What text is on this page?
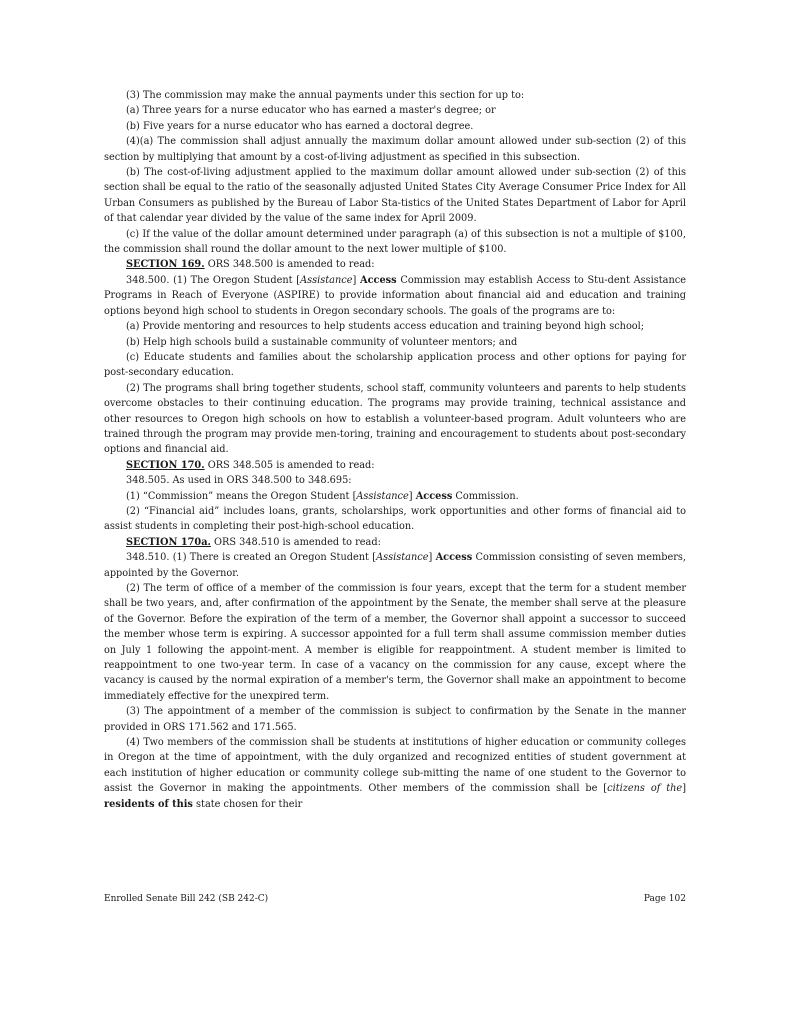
(3) The commission may make the annual payments under this section for up to:

(a) Three years for a nurse educator who has earned a master's degree; or

(b) Five years for a nurse educator who has earned a doctoral degree.

(4)(a) The commission shall adjust annually the maximum dollar amount allowed under sub-section (2) of this section by multiplying that amount by a cost-of-living adjustment as specified in this subsection.

(b) The cost-of-living adjustment applied to the maximum dollar amount allowed under sub-section (2) of this section shall be equal to the ratio of the seasonally adjusted United States City Average Consumer Price Index for All Urban Consumers as published by the Bureau of Labor Sta-tistics of the United States Department of Labor for April of that calendar year divided by the value of the same index for April 2009.

(c) If the value of the dollar amount determined under paragraph (a) of this subsection is not a multiple of $100, the commission shall round the dollar amount to the next lower multiple of $100.

SECTION 169. ORS 348.500 is amended to read:

348.500. (1) The Oregon Student [Assistance] Access Commission may establish Access to Stu-dent Assistance Programs in Reach of Everyone (ASPIRE) to provide information about financial aid and education and training options beyond high school to students in Oregon secondary schools. The goals of the programs are to:

(a) Provide mentoring and resources to help students access education and training beyond high school;

(b) Help high schools build a sustainable community of volunteer mentors; and

(c) Educate students and families about the scholarship application process and other options for paying for post-secondary education.

(2) The programs shall bring together students, school staff, community volunteers and parents to help students overcome obstacles to their continuing education. The programs may provide training, technical assistance and other resources to Oregon high schools on how to establish a volunteer-based program. Adult volunteers who are trained through the program may provide men-toring, training and encouragement to students about post-secondary options and financial aid.

SECTION 170. ORS 348.505 is amended to read:

348.505. As used in ORS 348.500 to 348.695:

(1) “Commission” means the Oregon Student [Assistance] Access Commission.

(2) “Financial aid” includes loans, grants, scholarships, work opportunities and other forms of financial aid to assist students in completing their post-high-school education.

SECTION 170a. ORS 348.510 is amended to read:

348.510. (1) There is created an Oregon Student [Assistance] Access Commission consisting of seven members, appointed by the Governor.

(2) The term of office of a member of the commission is four years, except that the term for a student member shall be two years, and, after confirmation of the appointment by the Senate, the member shall serve at the pleasure of the Governor. Before the expiration of the term of a member, the Governor shall appoint a successor to succeed the member whose term is expiring. A successor appointed for a full term shall assume commission member duties on July 1 following the appoint-ment. A member is eligible for reappointment. A student member is limited to reappointment to one two-year term. In case of a vacancy on the commission for any cause, except where the vacancy is caused by the normal expiration of a member's term, the Governor shall make an appointment to become immediately effective for the unexpired term.

(3) The appointment of a member of the commission is subject to confirmation by the Senate in the manner provided in ORS 171.562 and 171.565.

(4) Two members of the commission shall be students at institutions of higher education or community colleges in Oregon at the time of appointment, with the duly organized and recognized entities of student government at each institution of higher education or community college sub-mitting the name of one student to the Governor to assist the Governor in making the appointments. Other members of the commission shall be [citizens of the] residents of this state chosen for their

Enrolled Senate Bill 242 (SB 242-C)	Page 102
